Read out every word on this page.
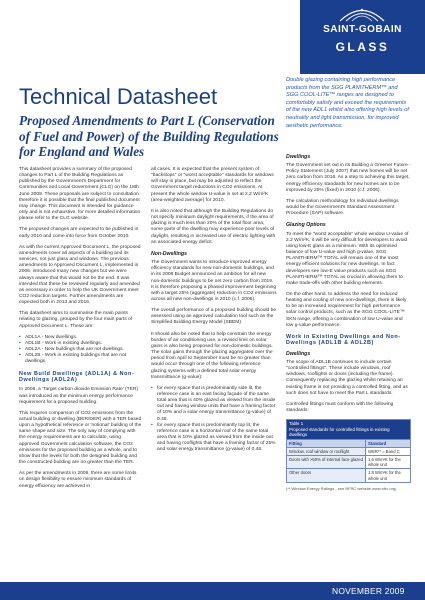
SAINT-GOBAIN
GLASS
Technical Datasheet
Proposed Amendments to Part L (Conservation of Fuel and Power) of the Building Regulations for England and Wales
Double glazing containing high performance products from the SGG PLANITHERM™ and SGG COOL-LITE™ ranges are designed to comfortably satisfy and exceed the requirements of the new ADL1 whilst also offering high levels of neutrality and light transmission, for improved aesthetic performance.

This datasheet provides a summary of the proposed changes to Part L of the Building Regulations as published by the Government's Department for Communities and Local Government (CLG) on the 18th June 2009. These proposals are subject to consultation therefore it is possible that the final published document may change. This document is intended for guidance only and is not exhaustive, for more detailed information please refer to the CLG website.

The proposed changes are expected to be published in early 2010 and come into force from October 2010.

As with the current Approved Document L, the proposed amendments cover all aspects of a building and its services, not just glass and windows. The previous amendments to Approved Document L, implemented in 2006, introduced many new changes but we were always aware that this would not be the end. It was intended that these be reviewed regularly and amended as necessary in order to help the UK Government meet CO2 reduction targets. Further amendments are expected both in 2013 and 2016.

This datasheet aims to summarise the main points relating to glazing, grouped by the four main parts of Approved Document L. These are:

• ADL1A - New dwellings.
• ADL1B - Work in existing dwellings.
• ADL2A - New buildings that are not dwellings.
• ADL2B - Work in existing buildings that are not dwellings.
New Build Dwellings (ADL1A) & Non-Dwellings (ADL2A)

In 2006, a 'Target carbon dioxide Emission Rate' (TER) was introduced as the minimum energy performance requirement for a proposed building.

This requires comparison of CO2 emissions from the actual building or dwelling (BER/DER) with a TER based upon a hypothetical reference or 'notional' building of the same shape and size. The only way of complying with the energy requirements are to calculate, using approved Government calculation software, the CO2 emissions for the proposed building as a whole, and to show that the levels for both the designed building and the constructed building are no greater than the TER.

As per the amendments in 2006, there are some limits on design flexibility to ensure minimum standards of energy efficiency are achieved in

all cases. It is expected that the present system of "backstops" or "worst acceptable" standards for windows will stay in place, but may be adjusted to reflect the Government target reductions in CO2 emissions. At present the whole window U-value is set at 2.2 W/m²K (area-weighted average) for 2010.

It is also noted that although the Building Regulations do not specify minimum daylight requirements, if the area of glazing is much less than 20% of the total floor area, some parts of the dwelling may experience poor levels of daylight, resulting in increased use of electric lighting with an associated energy deficit.

Non-Dwellings

The Government wants to introduce improved energy efficiency standards for new non-domestic buildings, and in its 2008 Budget announced an ambition for all new non-domestic buildings to be net zero carbon from 2019. It is therefore proposing a phased improvement beginning with a target 25% (aggregate) reduction in CO2 emissions across all new non-dwellings in 2010 (c.f. 2006).

The overall performance of a proposed building should be assessed using an approved calculation tool such as the Simplified Building Energy Model (SBEM).

It should also be noted that to help constrain the energy burden of air conditioning use, a revised limit on solar gains is also being proposed for non-domestic buildings. The solar gains through the glazing aggregated over the period from April to September must be no greater than would occur through one of the following reference glazing systems with a defined total solar energy transmittance (g-value):

• for every space that is predominantly side lit, the reference case is an east facing façade of the same total area that is 40% glazed as viewed from the inside out and having window units that have a framing factor of 10% and a solar energy transmittance (g-value) of 0.48.
• for every space that is predominantly top lit, the reference case is a horizontal roof of the same total area that is 10% glazed as viewed from the inside out and having rooflights that have a framing factor of 25% and solar energy transmittance (g-value) of 0.48.
Dwellings

The Government set out in its Building a Greener Future - Policy Statement (July 2007) that new homes will be net zero carbon from 2016. As a step to achieving this target, energy efficiency standards for new homes are to be improved by 25% (fixed) in 2010 (c.f. 2006).

The calculation methodology for individual dwellings would be the Government's Standard Assessment Procedure (SAP) software.

Glazing Options

To meet the "worst acceptable" whole window U-value of 2.2 W/m²K, it will be very difficult for developers to avoid using low-E glass as a minimum. With its optimised balance of low U-value and high g-value, SGG PLANITHERM™ TOTAL will remain one of the most energy efficient solutions for new dwellings. In fact developers see low-E value products such as SGG PLANITHERM™ TOTAL as crucial in allowing them to make trade-offs with other building elements.

On the other hand, to address the need for reduced heating and cooling of new non-dwellings, there is likely to be an increased requirement for high performance solar control products, such as the SGG COOL-LITE™ SKN range, offering a combination of low U-value and low g-value performance.

Work in Existing Dwellings and Non-Dwellings (ADL1B & ADL2B)
Dwellings

The scope of ADL1B continues to include certain "controlled fittings". These include windows, roof windows, rooflights or doors (including the frame). Consequently replacing the glazing whilst retaining an existing frame is not providing a controlled fitting, and as such does not have to meet the Part L standards.

Controlled fittings must conform with the following standards:

Table 1
Proposed standards for controlled fittings in existing dwellings
Fitting	Standard
Window, roof window or rooflight	WER** = Band C
Doors with >50% of internal face glazed	1.6 W/m²K for the whole unit
Other doors	1.8 W/m²K for the whole unit
(** Window Energy Ratings - see BFRC website www.bfrc.org)
NOVEMBER 2009
